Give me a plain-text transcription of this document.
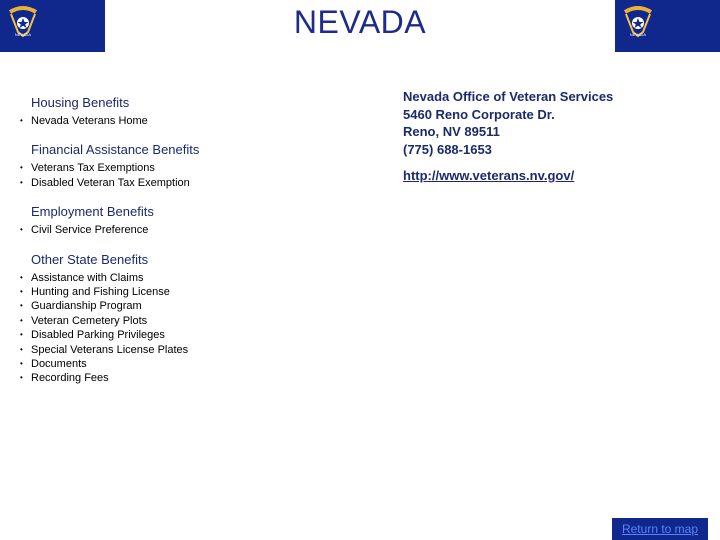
NEVADA	NEVADA	NEVADA
Housing Benefits
• Nevada Veterans Home
Financial Assistance Benefits
• Veterans Tax Exemptions
• Disabled Veteran Tax Exemption
Employment Benefits
• Civil Service Preference
Other State Benefits
• Assistance with Claims
• Hunting and Fishing License
• Guardianship Program
• Veteran Cemetery Plots
• Disabled Parking Privileges
• Special Veterans License Plates
• Documents
• Recording Fees
Nevada Office of Veteran Services
5460 Reno Corporate Dr.
Reno, NV 89511
(775) 688-1653
http://www.veterans.nv.gov/
Return to map
